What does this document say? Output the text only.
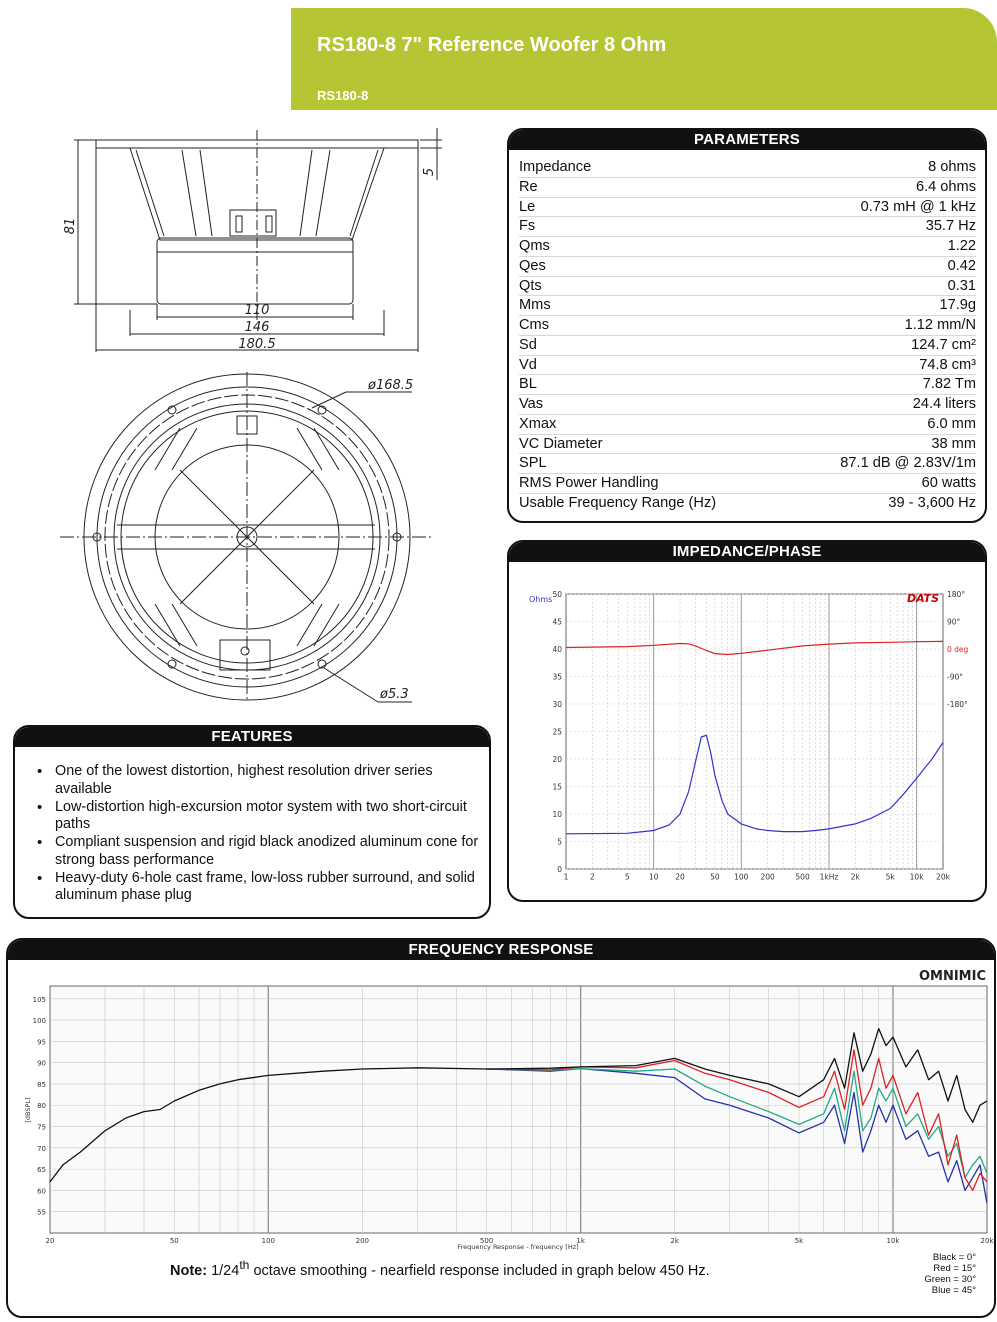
RS180-8 7" Reference Woofer 8 Ohm
RS180-8
81
5
110
146
180.5
ø168.5
ø5.3
PARAMETERS
Impedance	8 ohms
Re	6.4 ohms
Le	0.73 mH @ 1 kHz
Fs	35.7 Hz
Qms	1.22
Qes	0.42
Qts	0.31
Mms	17.9g
Cms	1.12 mm/N
Sd	124.7 cm²
Vd	74.8 cm³
BL	7.82 Tm
Vas	24.4 liters
Xmax	6.0 mm
VC Diameter	38 mm
SPL	87.1 dB @ 2.83V/1m
RMS Power Handling	60 watts
Usable Frequency Range (Hz)	39 - 3,600 Hz
IMPEDANCE/PHASE
0
5
10
15
20
25
30
35
40
45
50
1	2	5	10 20	50 100 200	500 1kHz 2k	5k 10k 20k
Ohms	DATS 180°
90°
0 deg
-90°
-180°
FEATURES
• One of the lowest distortion, highest resolution driver series available
• Low-distortion high-excursion motor system with two short-circuit paths
• Compliant suspension and rigid black anodized aluminum cone for strong bass performance
• Heavy-duty 6-hole cast frame, low-loss rubber surround, and solid aluminum phase plug
FREQUENCY RESPONSE
55
60
65
70
75
80
85
90
95
100
105
20	50	100	200	500	1k	2k	5k	10k	20k
OMNIMIC
Frequency Response - frequency [Hz]
[dBSPL]
Note: 1/24th octave smoothing - nearfield response included in graph below 450 Hz.
Black = 0°
Red = 15°
Green = 30°
Blue = 45°
